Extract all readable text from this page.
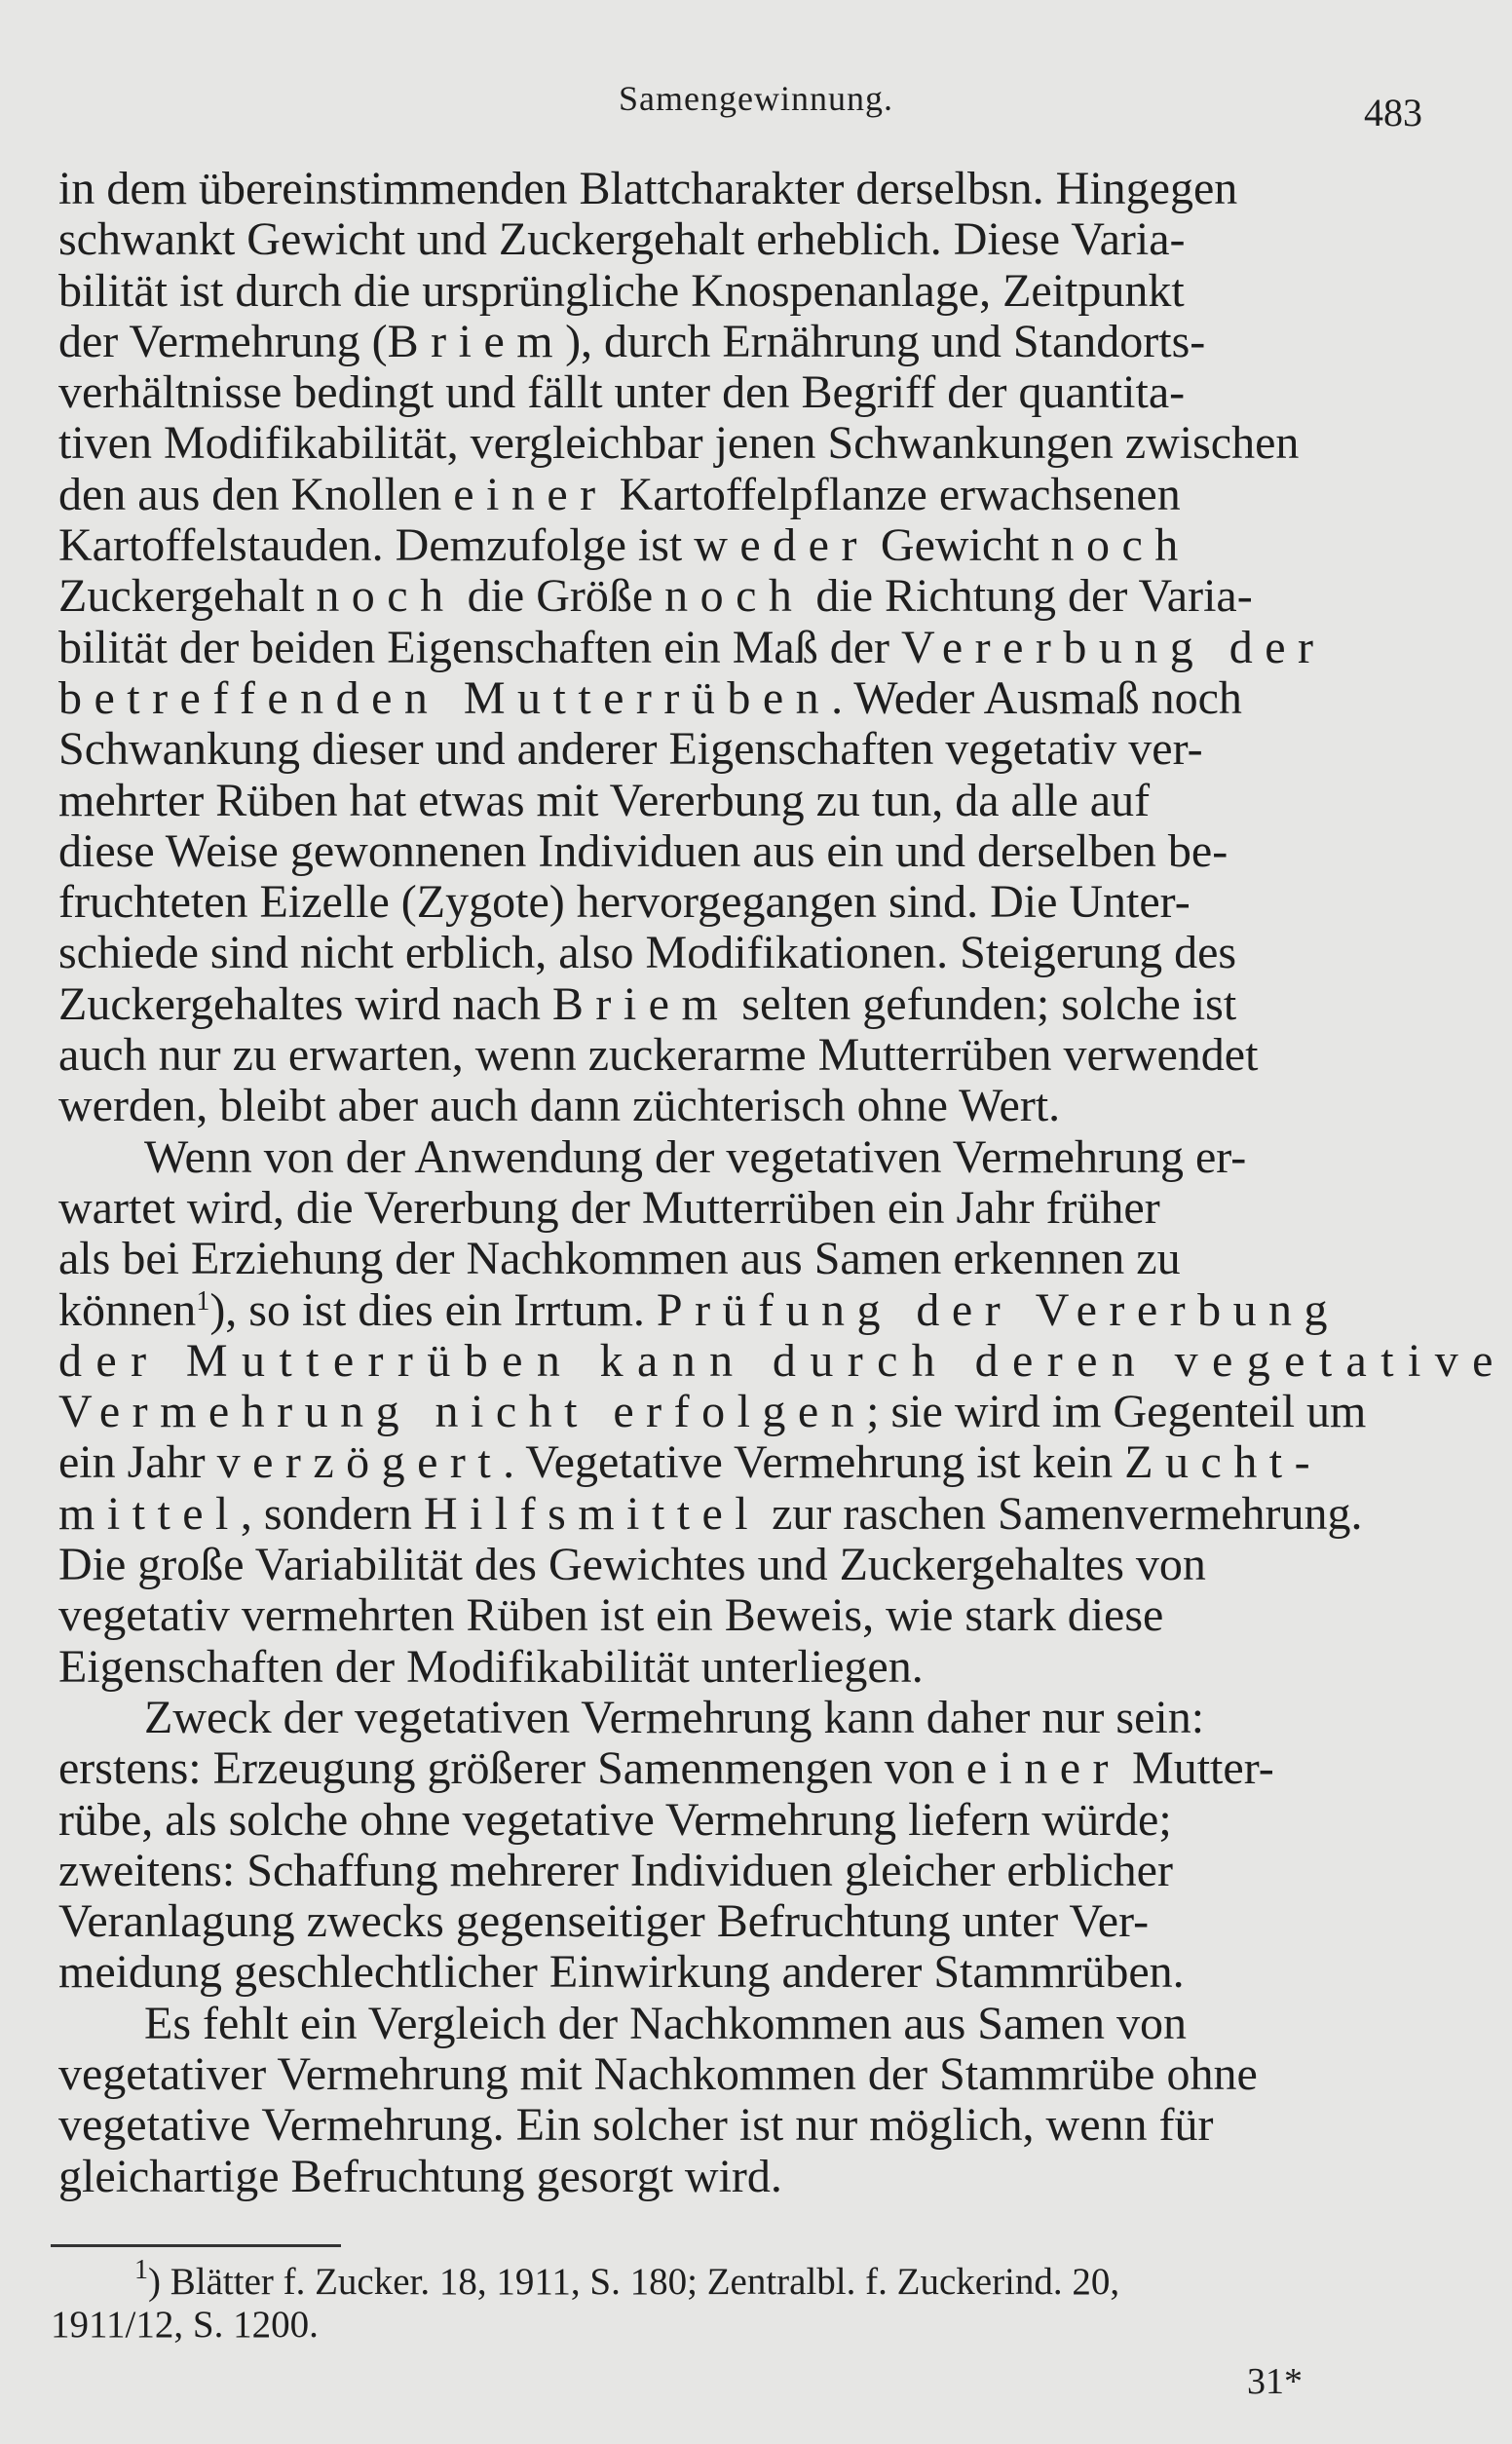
Samengewinnung.	483
in dem übereinstimmenden Blattcharakter derselbsn. Hingegen
schwankt Gewicht und Zuckergehalt erheblich. Diese Varia-
bilität ist durch die ursprüngliche Knospenanlage, Zeitpunkt
der Vermehrung (Briem), durch Ernährung und Standorts-
verhältnisse bedingt und fällt unter den Begriff der quantita-
tiven Modifikabilität, vergleichbar jenen Schwankungen zwischen
den aus den Knollen einer Kartoffelpflanze erwachsenen
Kartoffelstauden. Demzufolge ist weder Gewicht noch
Zuckergehalt noch die Größe noch die Richtung der Varia-
bilität der beiden Eigenschaften ein Maß der Vererbung der
betreffenden Mutterrüben. Weder Ausmaß noch
Schwankung dieser und anderer Eigenschaften vegetativ ver-
mehrter Rüben hat etwas mit Vererbung zu tun, da alle auf
diese Weise gewonnenen Individuen aus ein und derselben be-
fruchteten Eizelle (Zygote) hervorgegangen sind. Die Unter-
schiede sind nicht erblich, also Modifikationen. Steigerung des
Zuckergehaltes wird nach Briem selten gefunden; solche ist
auch nur zu erwarten, wenn zuckerarme Mutterrüben verwendet
werden, bleibt aber auch dann züchterisch ohne Wert.
Wenn von der Anwendung der vegetativen Vermehrung er-
wartet wird, die Vererbung der Mutterrüben ein Jahr früher
als bei Erziehung der Nachkommen aus Samen erkennen zu
können$^1$), so ist dies ein Irrtum. Prüfung der Vererbung
der Mutterrüben kann durch deren vegetative
Vermehrung nicht erfolgen; sie wird im Gegenteil um
ein Jahr verzögert. Vegetative Vermehrung ist kein Zucht-
mittel, sondern Hilfsmittel zur raschen Samenvermehrung.
Die große Variabilität des Gewichtes und Zuckergehaltes von
vegetativ vermehrten Rüben ist ein Beweis, wie stark diese
Eigenschaften der Modifikabilität unterliegen.
Zweck der vegetativen Vermehrung kann daher nur sein:
erstens: Erzeugung größerer Samenmengen von einer Mutter-
rübe, als solche ohne vegetative Vermehrung liefern würde;
zweitens: Schaffung mehrerer Individuen gleicher erblicher
Veranlagung zwecks gegenseitiger Befruchtung unter Ver-
meidung geschlechtlicher Einwirkung anderer Stammrüben.
Es fehlt ein Vergleich der Nachkommen aus Samen von
vegetativer Vermehrung mit Nachkommen der Stammrübe ohne
vegetative Vermehrung. Ein solcher ist nur möglich, wenn für
gleichartige Befruchtung gesorgt wird.
$^1$) Blätter f. Zucker. 18, 1911, S. 180; Zentralbl. f. Zuckerind. 20,
1911/12, S. 1200.
31*
